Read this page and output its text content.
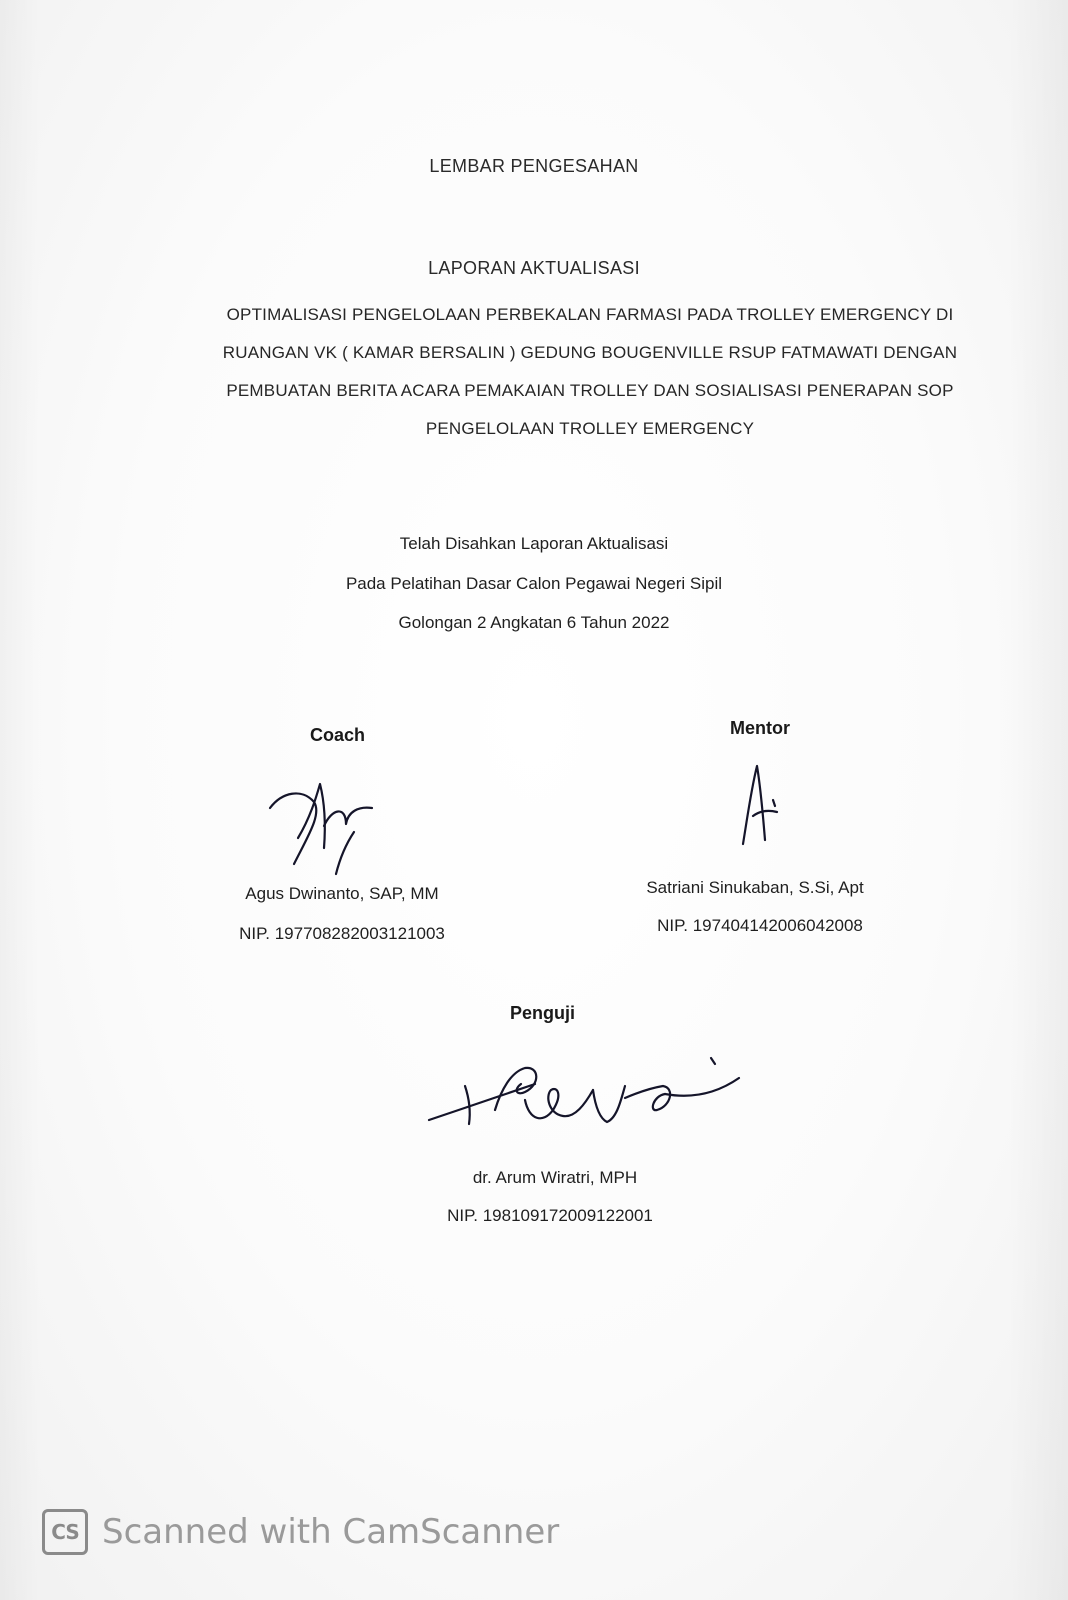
LEMBAR PENGESAHAN
LAPORAN AKTUALISASI
OPTIMALISASI PENGELOLAAN PERBEKALAN FARMASI PADA TROLLEY EMERGENCY DI
RUANGAN VK ( KAMAR BERSALIN ) GEDUNG BOUGENVILLE RSUP FATMAWATI DENGAN
PEMBUATAN BERITA ACARA PEMAKAIAN TROLLEY DAN SOSIALISASI PENERAPAN SOP
PENGELOLAAN TROLLEY EMERGENCY
Telah Disahkan Laporan Aktualisasi
Pada Pelatihan Dasar Calon Pegawai Negeri Sipil
Golongan 2 Angkatan 6 Tahun 2022
Coach
Agus Dwinanto, SAP, MM
NIP. 197708282003121003
Mentor
Satriani Sinukaban, S.Si, Apt
NIP. 197404142006042008
Penguji
dr. Arum Wiratri, MPH
NIP. 198109172009122001
CS Scanned with CamScanner
